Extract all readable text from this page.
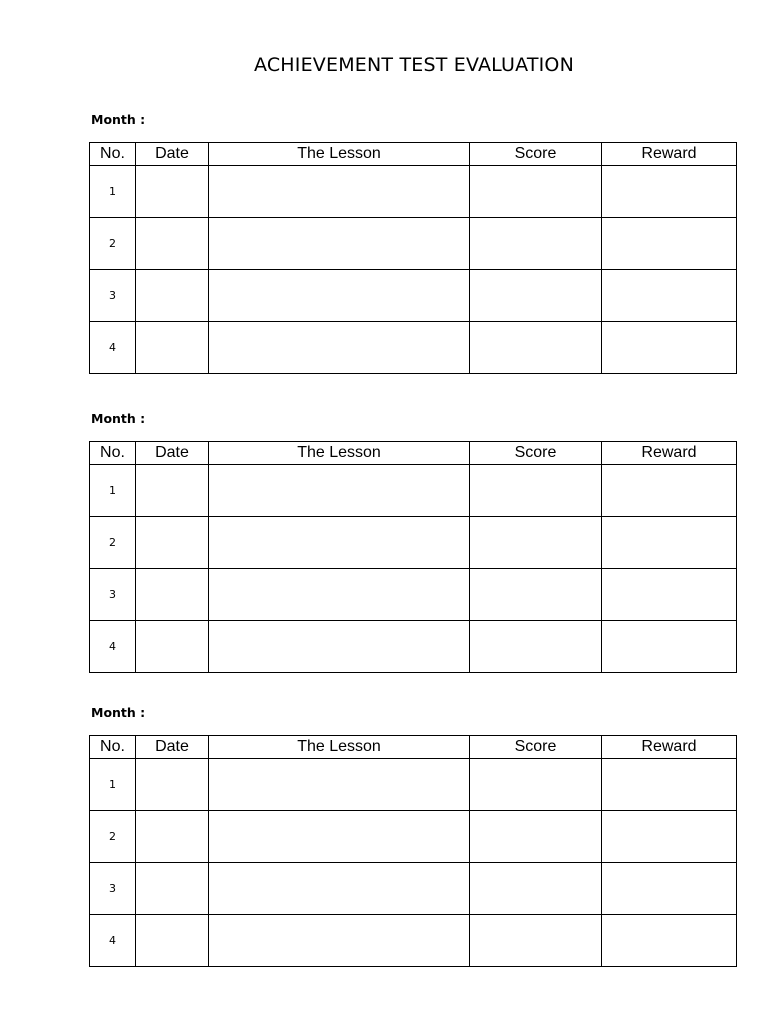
ACHIEVEMENT TEST EVALUATION
Month :
No.	Date	The Lesson	Score	Reward
1				
2				
3				
4				
Month :
No.	Date	The Lesson	Score	Reward
1				
2				
3				
4				
Month :
No.	Date	The Lesson	Score	Reward
1				
2				
3				
4				
